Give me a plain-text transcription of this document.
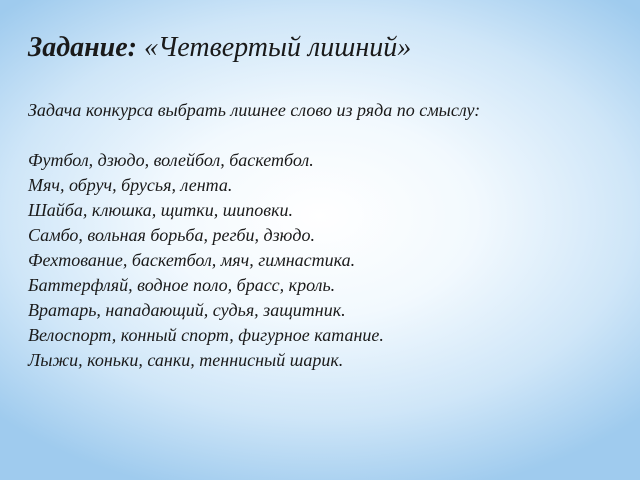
Задание: «Четвертый лишний»

Задача конкурса выбрать лишнее слово из ряда по смыслу:

Футбол, дзюдо, волейбол, баскетбол.
Мяч, обруч, брусья, лента.
Шайба, клюшка, щитки, шиповки.
Самбо, вольная борьба, регби, дзюдо.
Фехтование, баскетбол, мяч, гимнастика.
Баттерфляй, водное поло, брасс, кроль.
Вратарь, нападающий, судья, защитник.
Велоспорт, конный спорт, фигурное катание.
Лыжи, коньки, санки, теннисный шарик.
